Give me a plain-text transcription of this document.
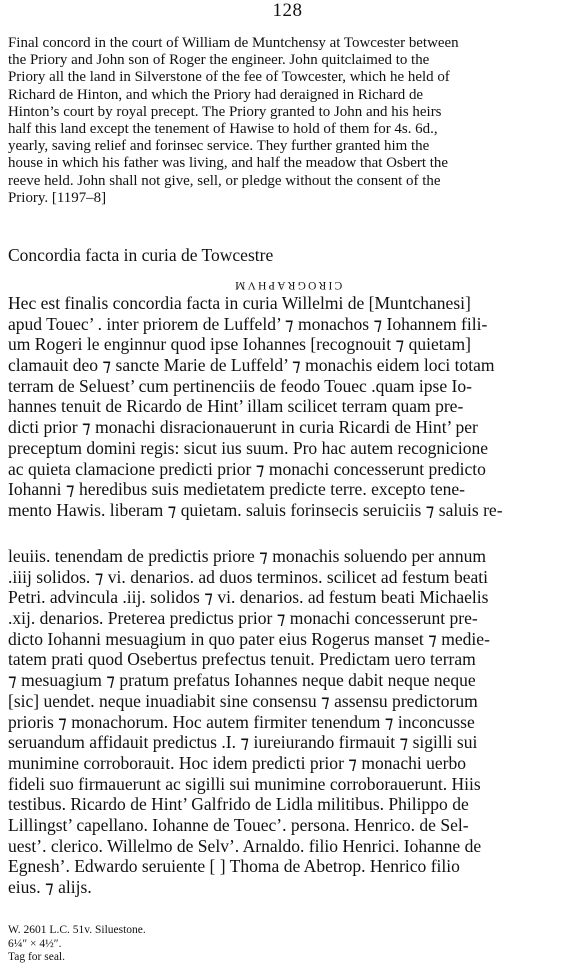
128
Final concord in the court of William de Muntchensy at Towcester between
the Priory and John son of Roger the engineer. John quitclaimed to the
Priory all the land in Silverstone of the fee of Towcester, which he held of
Richard de Hinton, and which the Priory had deraigned in Richard de
Hinton’s court by royal precept. The Priory granted to John and his heirs
half this land except the tenement of Hawise to hold of them for 4s. 6d.,
yearly, saving relief and forinsec service. They further granted him the
house in which his father was living, and half the meadow that Osbert the
reeve held. John shall not give, sell, or pledge without the consent of the
Priory. [1197–8]
Concordia facta in curia de Towcestre
CIROGRAPHVM
Hec est finalis concordia facta in curia Willelmi de [Muntchanesi]
apud Touec’ . inter priorem de Luffeld’ ⁊ monachos ⁊ Iohannem fili-
um Rogeri le enginnur quod ipse Iohannes [recognouit ⁊ quietam]
clamauit deo ⁊ sancte Marie de Luffeld’ ⁊ monachis eidem loci totam
terram de Seluest’ cum pertinenciis de feodo Touec .quam ipse Io-
hannes tenuit de Ricardo de Hint’ illam scilicet terram quam pre-
dicti prior ⁊ monachi disracionauerunt in curia Ricardi de Hint’ per
preceptum domini regis: sicut ius suum. Pro hac autem recognicione
ac quieta clamacione predicti prior ⁊ monachi concesserunt predicto
Iohanni ⁊ heredibus suis medietatem predicte terre. excepto tene-
mento Hawis. liberam ⁊ quietam. saluis forinsecis seruiciis ⁊ saluis re-
leuiis. tenendam de predictis priore ⁊ monachis soluendo per annum
.iiij solidos. ⁊ vi. denarios. ad duos terminos. scilicet ad festum beati
Petri. advincula .iij. solidos ⁊ vi. denarios. ad festum beati Michaelis
.xij. denarios. Preterea predictus prior ⁊ monachi concesserunt pre-
dicto Iohanni mesuagium in quo pater eius Rogerus manset ⁊ medie-
tatem prati quod Osebertus prefectus tenuit. Predictam uero terram
⁊ mesuagium ⁊ pratum prefatus Iohannes neque dabit neque neque
[sic] uendet. neque inuadiabit sine consensu ⁊ assensu predictorum
prioris ⁊ monachorum. Hoc autem firmiter tenendum ⁊ inconcusse
seruandum affidauit predictus .I. ⁊ iureiurando firmauit ⁊ sigilli sui
munimine corroborauit. Hoc idem predicti prior ⁊ monachi uerbo
fideli suo firmauerunt ac sigilli sui munimine corroborauerunt. Hiis
testibus. Ricardo de Hint’ Galfrido de Lidla militibus. Philippo de
Lillingst’ capellano. Iohanne de Touec’. persona. Henrico. de Sel-
uest’. clerico. Willelmo de Selv’. Arnaldo. filio Henrici. Iohanne de
Egnesh’. Edwardo seruiente [ ] Thoma de Abetrop. Henrico filio
eius. ⁊ alijs.
W. 2601 L.C. 51v. Siluestone.
6¼″ × 4½″.
Tag for seal.
